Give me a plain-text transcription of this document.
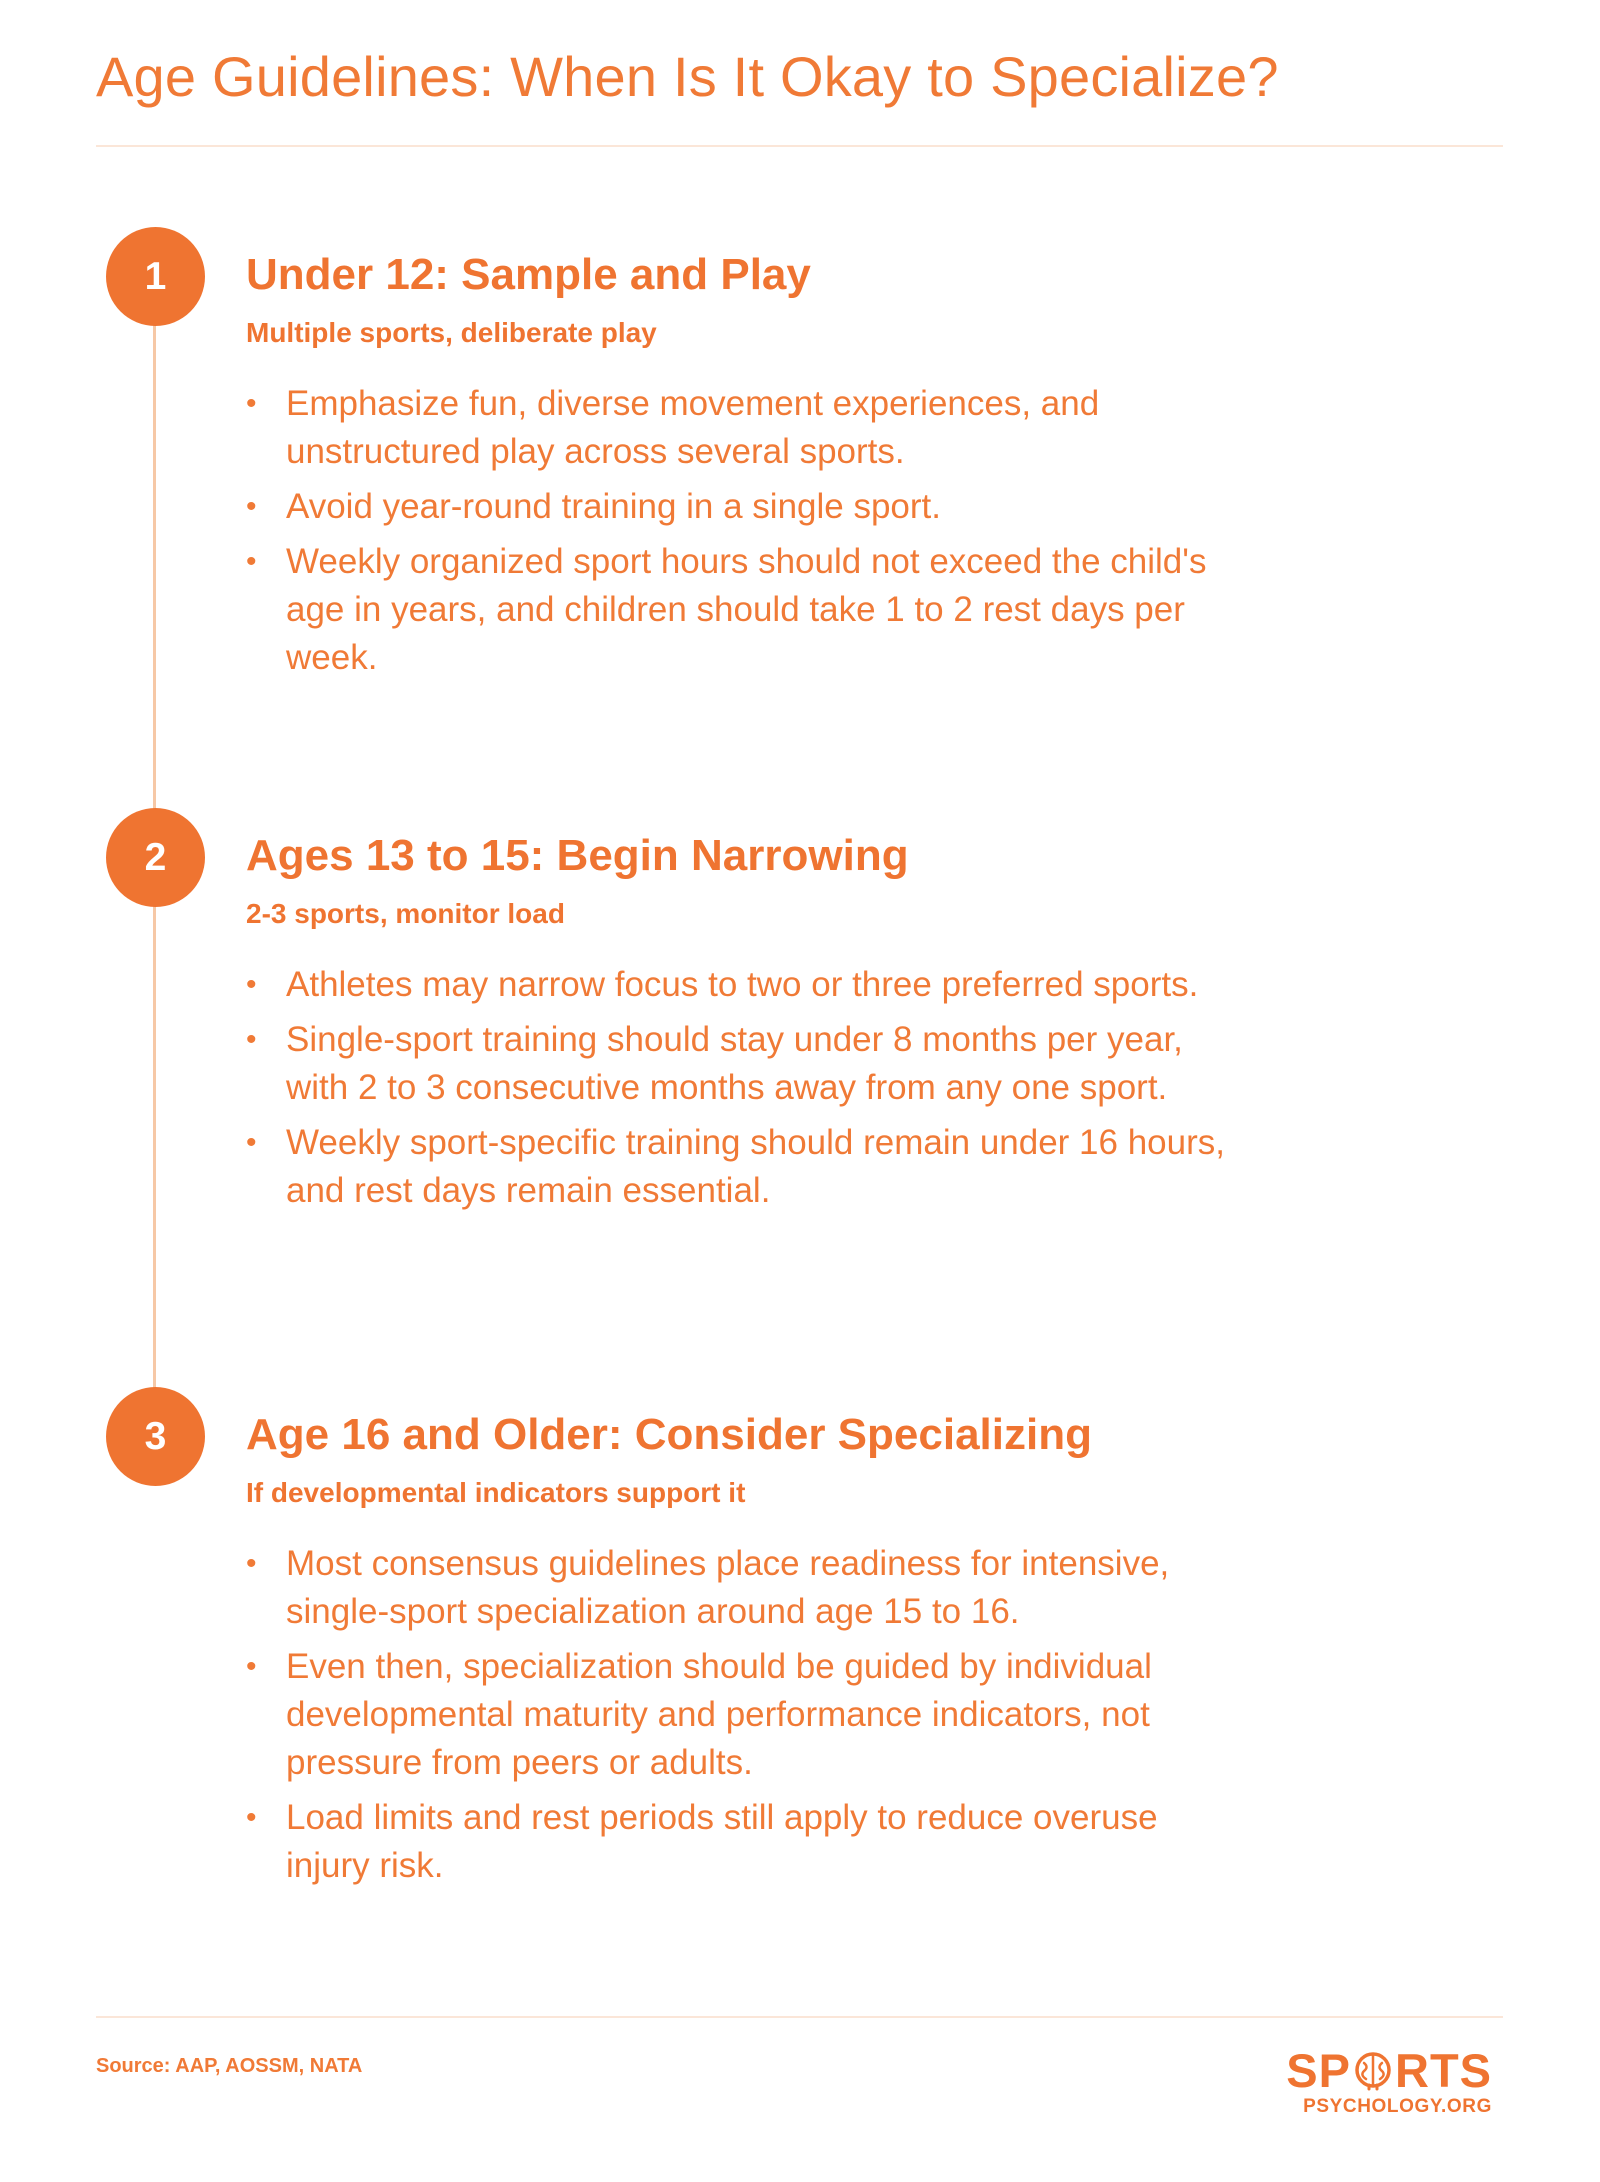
Age Guidelines: When Is It Okay to Specialize?
1	Under 12: Sample and Play

Multiple sports, deliberate play

• Emphasize fun, diverse movement experiences, and unstructured play across several sports.
• Avoid year-round training in a single sport.
• Weekly organized sport hours should not exceed the child's age in years, and children should take 1 to 2 rest days per week.
2	Ages 13 to 15: Begin Narrowing

2-3 sports, monitor load

• Athletes may narrow focus to two or three preferred sports.
• Single-sport training should stay under 8 months per year, with 2 to 3 consecutive months away from any one sport.
• Weekly sport-specific training should remain under 16 hours, and rest days remain essential.
3	Age 16 and Older: Consider Specializing

If developmental indicators support it

• Most consensus guidelines place readiness for intensive, single-sport specialization around age 15 to 16.
• Even then, specialization should be guided by individual developmental maturity and performance indicators, not pressure from peers or adults.
• Load limits and rest periods still apply to reduce overuse injury risk.
Source: AAP, AOSSM, NATA	SP RTS
PSYCHOLOGY.ORG
